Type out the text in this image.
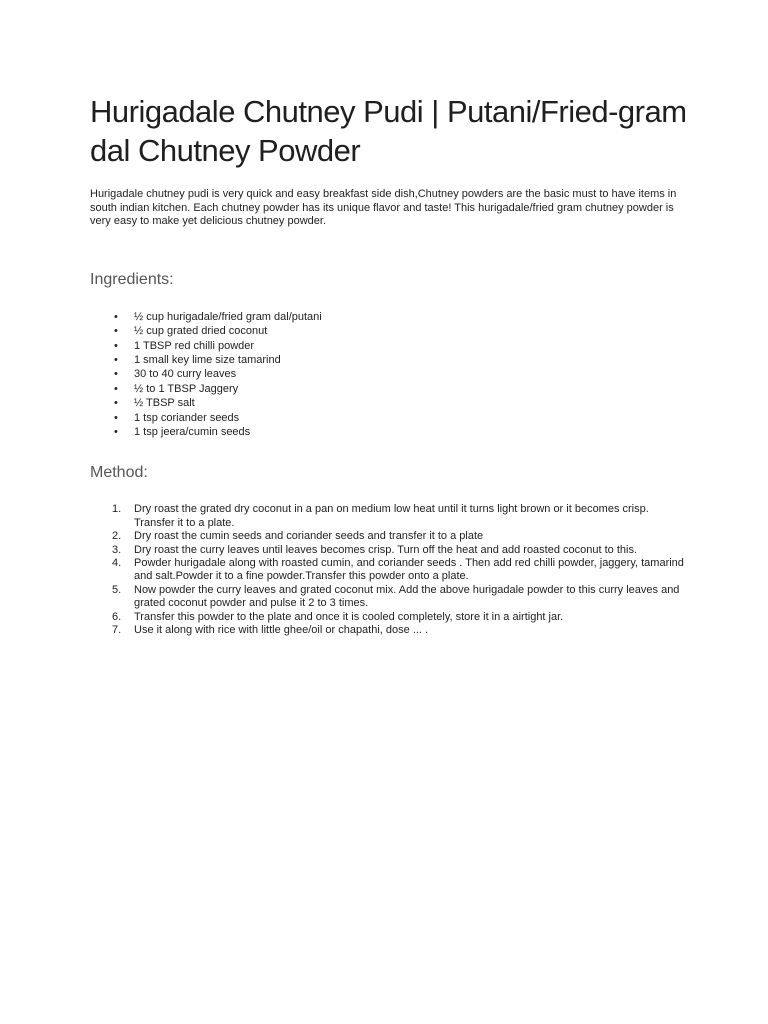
Hurigadale Chutney Pudi | Putani/Fried-gram dal Chutney Powder

Hurigadale chutney pudi is very quick and easy breakfast side dish,Chutney powders are the basic must to have items in south indian kitchen. Each chutney powder has its unique flavor and taste! This hurigadale/fried gram chutney powder is very easy to make yet delicious chutney powder.

Ingredients:
• ½ cup hurigadale/fried gram dal/putani
• ½ cup grated dried coconut
• 1 TBSP red chilli powder
• 1 small key lime size tamarind
• 30 to 40 curry leaves
• ½ to 1 TBSP Jaggery
• ½ TBSP salt
• 1 tsp coriander seeds
• 1 tsp jeera/cumin seeds
Method:
1. Dry roast the grated dry coconut in a pan on medium low heat until it turns light brown or it becomes crisp. Transfer it to a plate.
2. Dry roast the cumin seeds and coriander seeds and transfer it to a plate
3. Dry roast the curry leaves until leaves becomes crisp. Turn off the heat and add roasted coconut to this.
4. Powder hurigadale along with roasted cumin, and coriander seeds . Then add red chilli powder, jaggery, tamarind and salt.Powder it to a fine powder.Transfer this powder onto a plate.
5. Now powder the curry leaves and grated coconut mix. Add the above hurigadale powder to this curry leaves and grated coconut powder and pulse it 2 to 3 times.
6. Transfer this powder to the plate and once it is cooled completely, store it in a airtight jar.
7. Use it along with rice with little ghee/oil or chapathi, dose ... .
